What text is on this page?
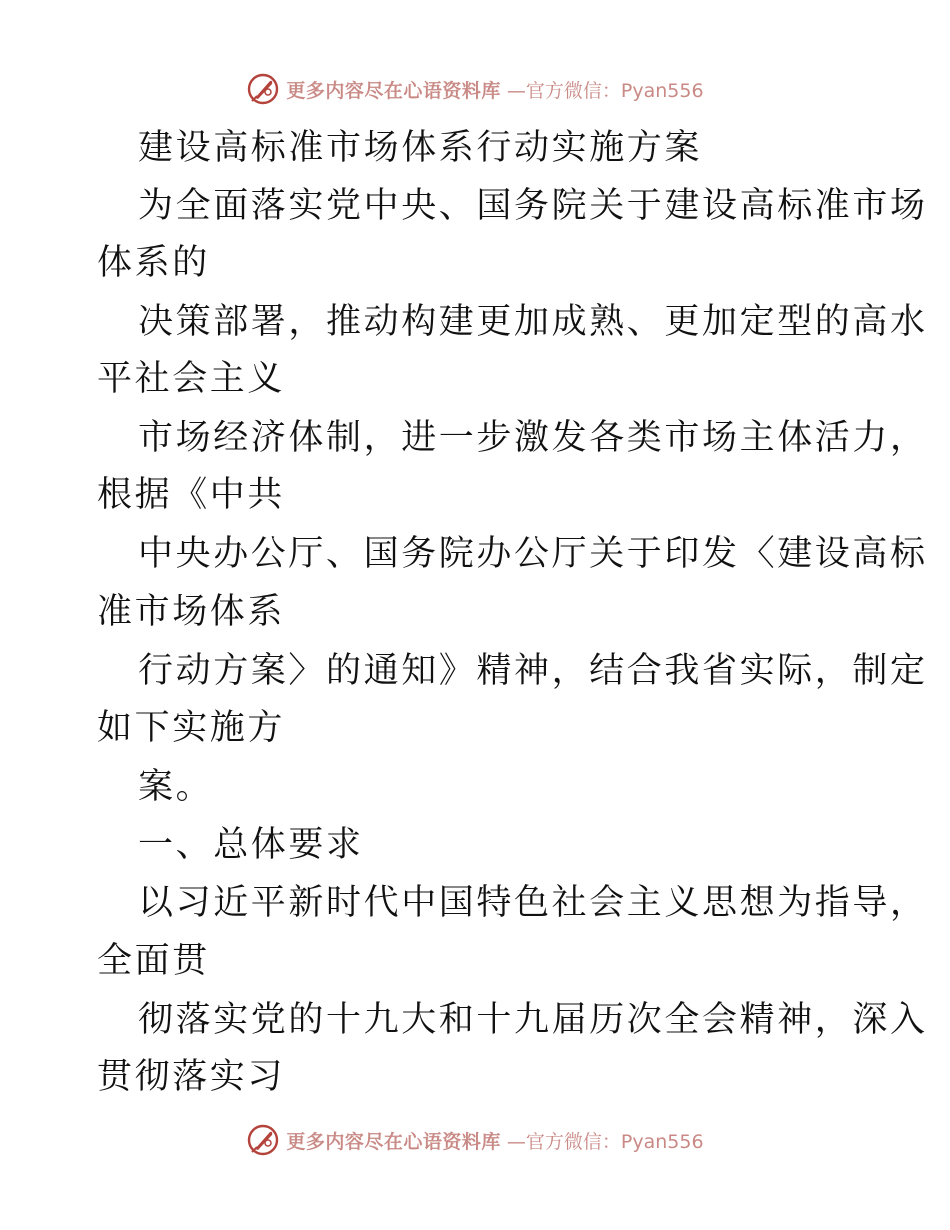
更多内容尽在心语资料库 —官方微信：Pyan556
建设高标准市场体系行动实施方案
为全面落实党中央、国务院关于建设高标准市场
体系的
决策部署，推动构建更加成熟、更加定型的高水
平社会主义
市场经济体制，进一步激发各类市场主体活力，
根据《中共
中央办公厅、国务院办公厅关于印发〈建设高标
准市场体系
行动方案〉的通知》精神，结合我省实际，制定
如下实施方
案。
一、总体要求
以习近平新时代中国特色社会主义思想为指导，
全面贯
彻落实党的十九大和十九届历次全会精神，深入
贯彻落实习
更多内容尽在心语资料库 —官方微信：Pyan556
